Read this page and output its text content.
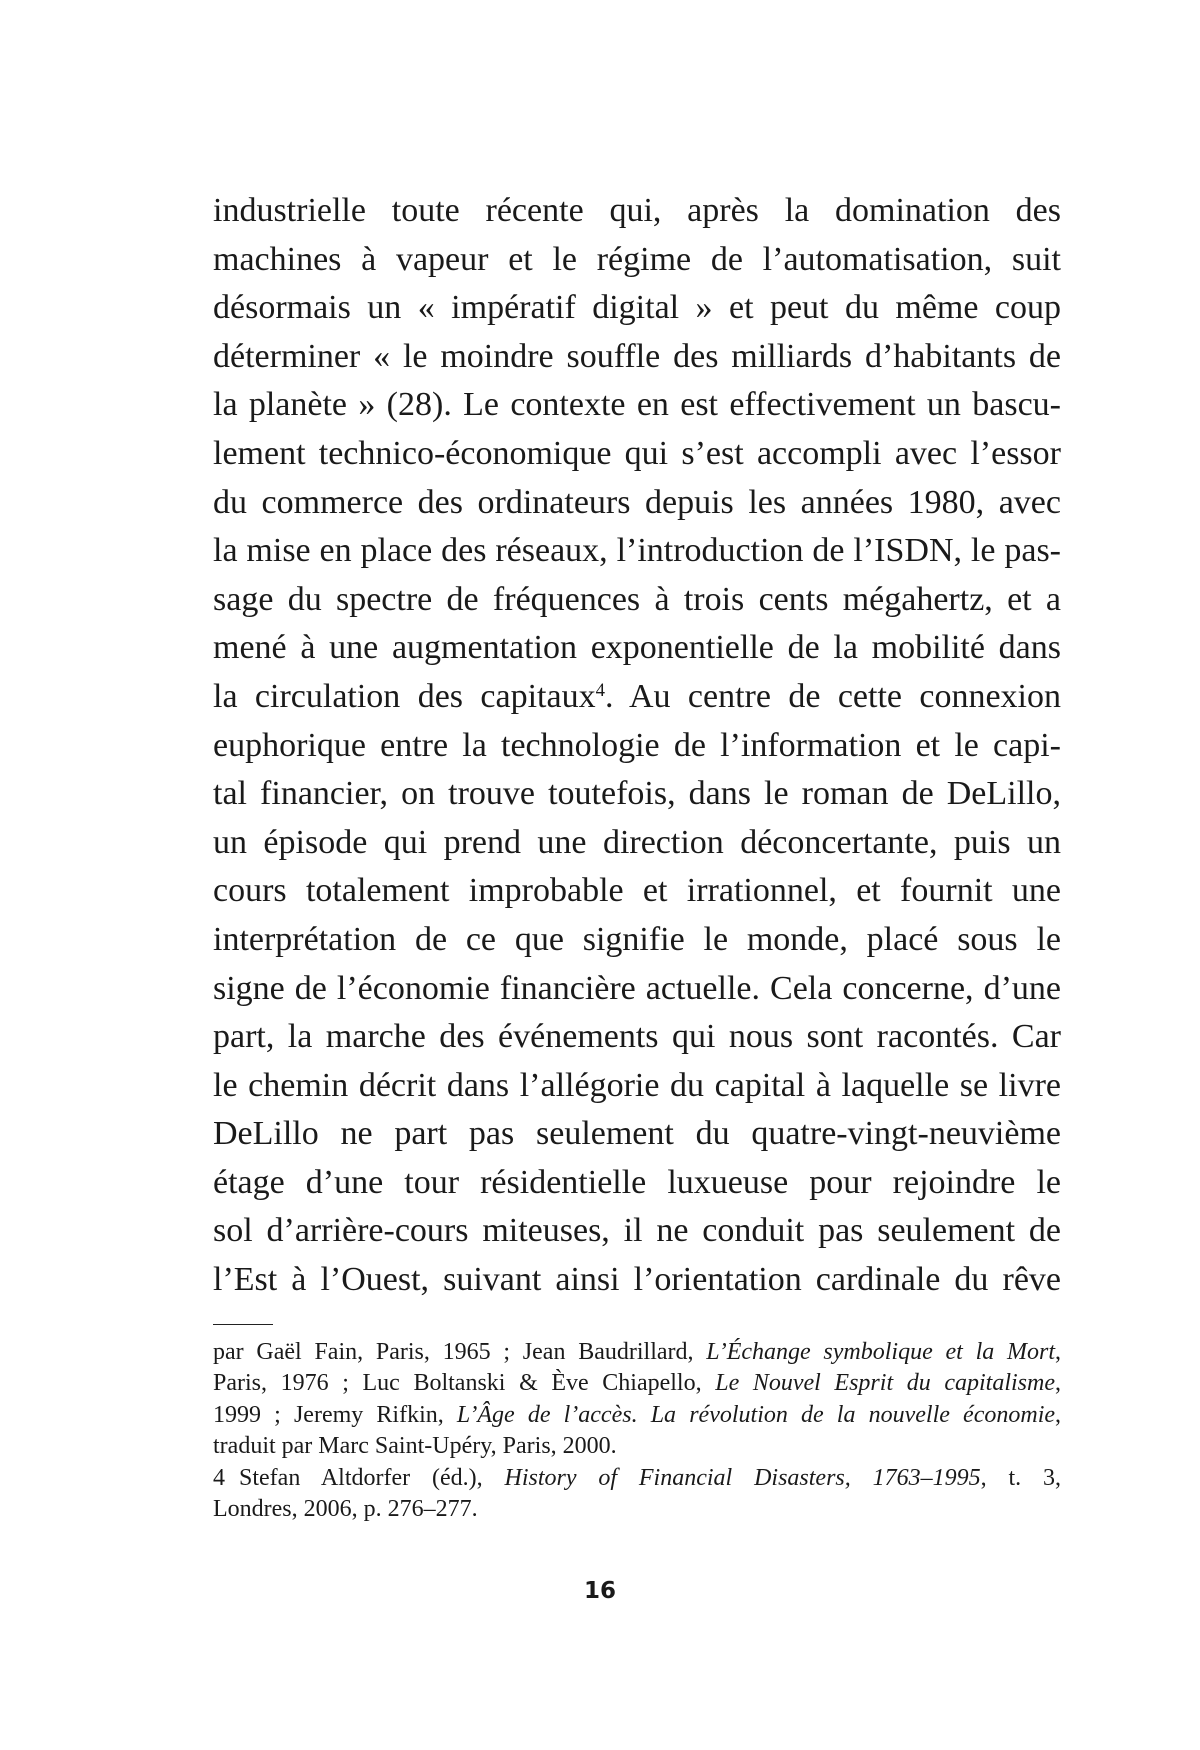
industrielle toute récente qui, après la domination des
machines à vapeur et le régime de l’automatisation, suit
désormais un « impératif digital » et peut du même coup
déterminer « le moindre souffle des milliards d’habitants de
la planète » (28). Le contexte en est effectivement un bascu-
lement technico-économique qui s’est accompli avec l’essor
du commerce des ordinateurs depuis les années 1980, avec
la mise en place des réseaux, l’introduction de l’ISDN, le pas-
sage du spectre de fréquences à trois cents mégahertz, et a
mené à une augmentation exponentielle de la mobilité dans
la circulation des capitaux$^4$. Au centre de cette connexion
euphorique entre la technologie de l’information et le capi-
tal financier, on trouve toutefois, dans le roman de DeLillo,
un épisode qui prend une direction déconcertante, puis un
cours totalement improbable et irrationnel, et fournit une
interprétation de ce que signifie le monde, placé sous le
signe de l’économie financière actuelle. Cela concerne, d’une
part, la marche des événements qui nous sont racontés. Car
le chemin décrit dans l’allégorie du capital à laquelle se livre
DeLillo ne part pas seulement du quatre-vingt-neuvième
étage d’une tour résidentielle luxueuse pour rejoindre le
sol d’arrière-cours miteuses, il ne conduit pas seulement de
l’Est à l’Ouest, suivant ainsi l’orientation cardinale du rêve
par Gaël Fain, Paris, 1965 ; Jean Baudrillard, L’Échange symbolique et la Mort,
Paris, 1976 ; Luc Boltanski & Ève Chiapello, Le Nouvel Esprit du capitalisme,
1999 ; Jeremy Rifkin, L’Âge de l’accès. La révolution de la nouvelle économie,
traduit par Marc Saint-Upéry, Paris, 2000.
4 Stefan Altdorfer (éd.), History of Financial Disasters, 1763–1995, t. 3,
Londres, 2006, p. 276–277.
16
